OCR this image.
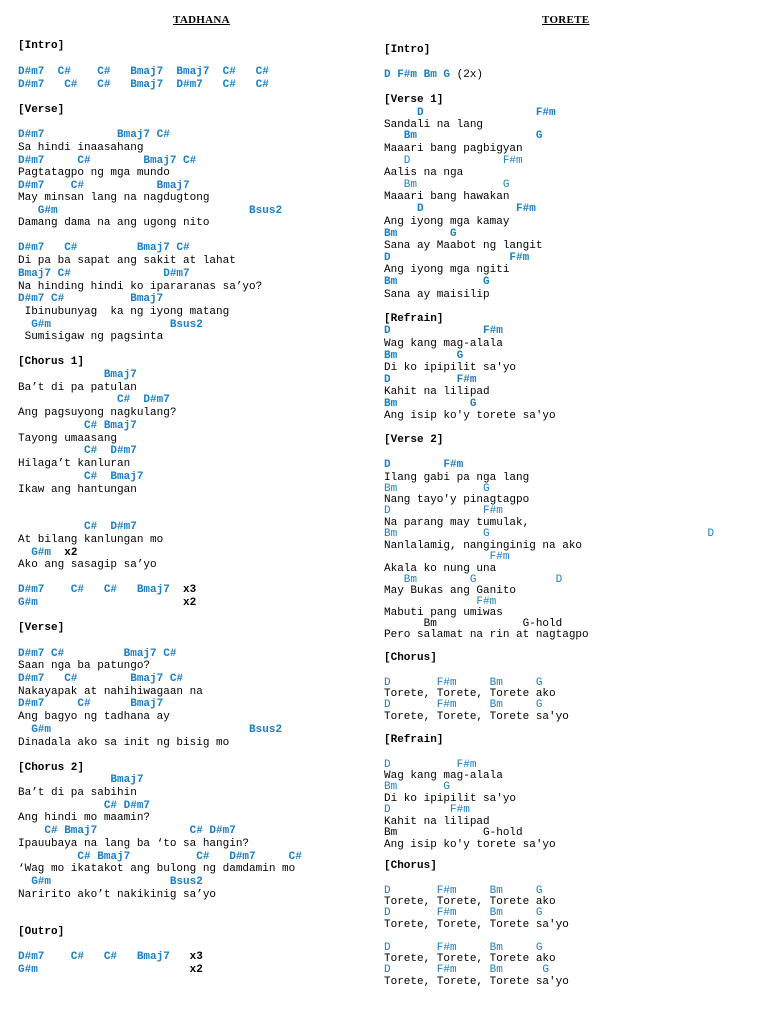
TADHANA
[Intro]
D#m7  C#    C#   Bmaj7  Bmaj7  C#   C#
D#m7   C#   C#   Bmaj7  D#m7   C#   C#
[Verse]
D#m7           Bmaj7 C#
Sa hindi inaasahang
D#m7     C#        Bmaj7 C#
Pagtatagpo ng mga mundo
D#m7    C#           Bmaj7
May minsan lang na nagdugtong
G#m                             Bsus2
Damang dama na ang ugong nito
D#m7   C#         Bmaj7 C#
Di pa ba sapat ang sakit at lahat
Bmaj7 C#              D#m7
Na hinding hindi ko ipararanas sa’yo?
D#m7 C#          Bmaj7
Ibinubunyag  ka ng iyong matang
G#m                  Bsus2
Sumisigaw ng pagsinta
[Chorus 1]
Bmaj7
Ba’t di pa patulan
C#  D#m7
Ang pagsuyong nagkulang?
C# Bmaj7
Tayong umaasang
C#  D#m7
Hilaga’t kanluran
C#  Bmaj7
Ikaw ang hantungan
C#  D#m7
At bilang kanlungan mo
G#m  x2
Ako ang sasagip sa’yo
D#m7    C#   C#   Bmaj7  x3
G#m                      x2
[Verse]
D#m7 C#         Bmaj7 C#
Saan nga ba patungo?
D#m7   C#        Bmaj7 C#
Nakayapak at nahihiwagaan na
D#m7     C#      Bmaj7
Ang bagyo ng tadhana ay
G#m                              Bsus2
Dinadala ako sa init ng bisig mo
[Chorus 2]
Bmaj7
Ba’t di pa sabihin
C# D#m7
Ang hindi mo maamin?
C# Bmaj7              C# D#m7
Ipauubaya na lang ba ‘to sa hangin?
C# Bmaj7          C#   D#m7     C#
‘Wag mo ikatakot ang bulong ng damdamin mo
G#m                  Bsus2
Naririto ako’t nakikinig sa’yo
[Outro]
D#m7    C#   C#   Bmaj7   x3
G#m                       x2
TORETE
[Intro]
D F#m Bm G (2x)
[Verse 1]
D                 F#m
Sandali na lang
Bm                  G
Maaari bang pagbigyan
D              F#m
Aalis na nga
Bm             G
Maaari bang hawakan
D              F#m
Ang iyong mga kamay
Bm        G
Sana ay Maabot ng langit
D                  F#m
Ang iyong mga ngiti
Bm             G
Sana ay maisilip
[Refrain]
D              F#m
Wag kang mag-alala
Bm         G
Di ko ipipilit sa'yo
D          F#m
Kahit na lilipad
Bm           G
Ang isip ko'y torete sa'yo
[Verse 2]
D        F#m
Ilang gabi pa nga lang
Bm             G
Nang tayo'y pinagtagpo
D              F#m
Na parang may tumulak,
Bm             G                                 D
Nanlalamig, nanginginig na ako
F#m
Akala ko nung una
Bm        G            D
May Bukas ang Ganito
F#m
Mabuti pang umiwas
Bm             G-hold
Pero salamat na rin at nagtagpo
[Chorus]
D       F#m     Bm     G
Torete, Torete, Torete ako
D       F#m     Bm     G
Torete, Torete, Torete sa'yo
[Refrain]
D          F#m
Wag kang mag-alala
Bm       G
Di ko ipipilit sa'yo
D         F#m
Kahit na lilipad
Bm             G-hold
Ang isip ko'y torete sa'yo
[Chorus]
D       F#m     Bm     G
Torete, Torete, Torete ako
D       F#m     Bm     G
Torete, Torete, Torete sa'yo
D       F#m     Bm     G
Torete, Torete, Torete ako
D       F#m     Bm      G
Torete, Torete, Torete sa'yo
